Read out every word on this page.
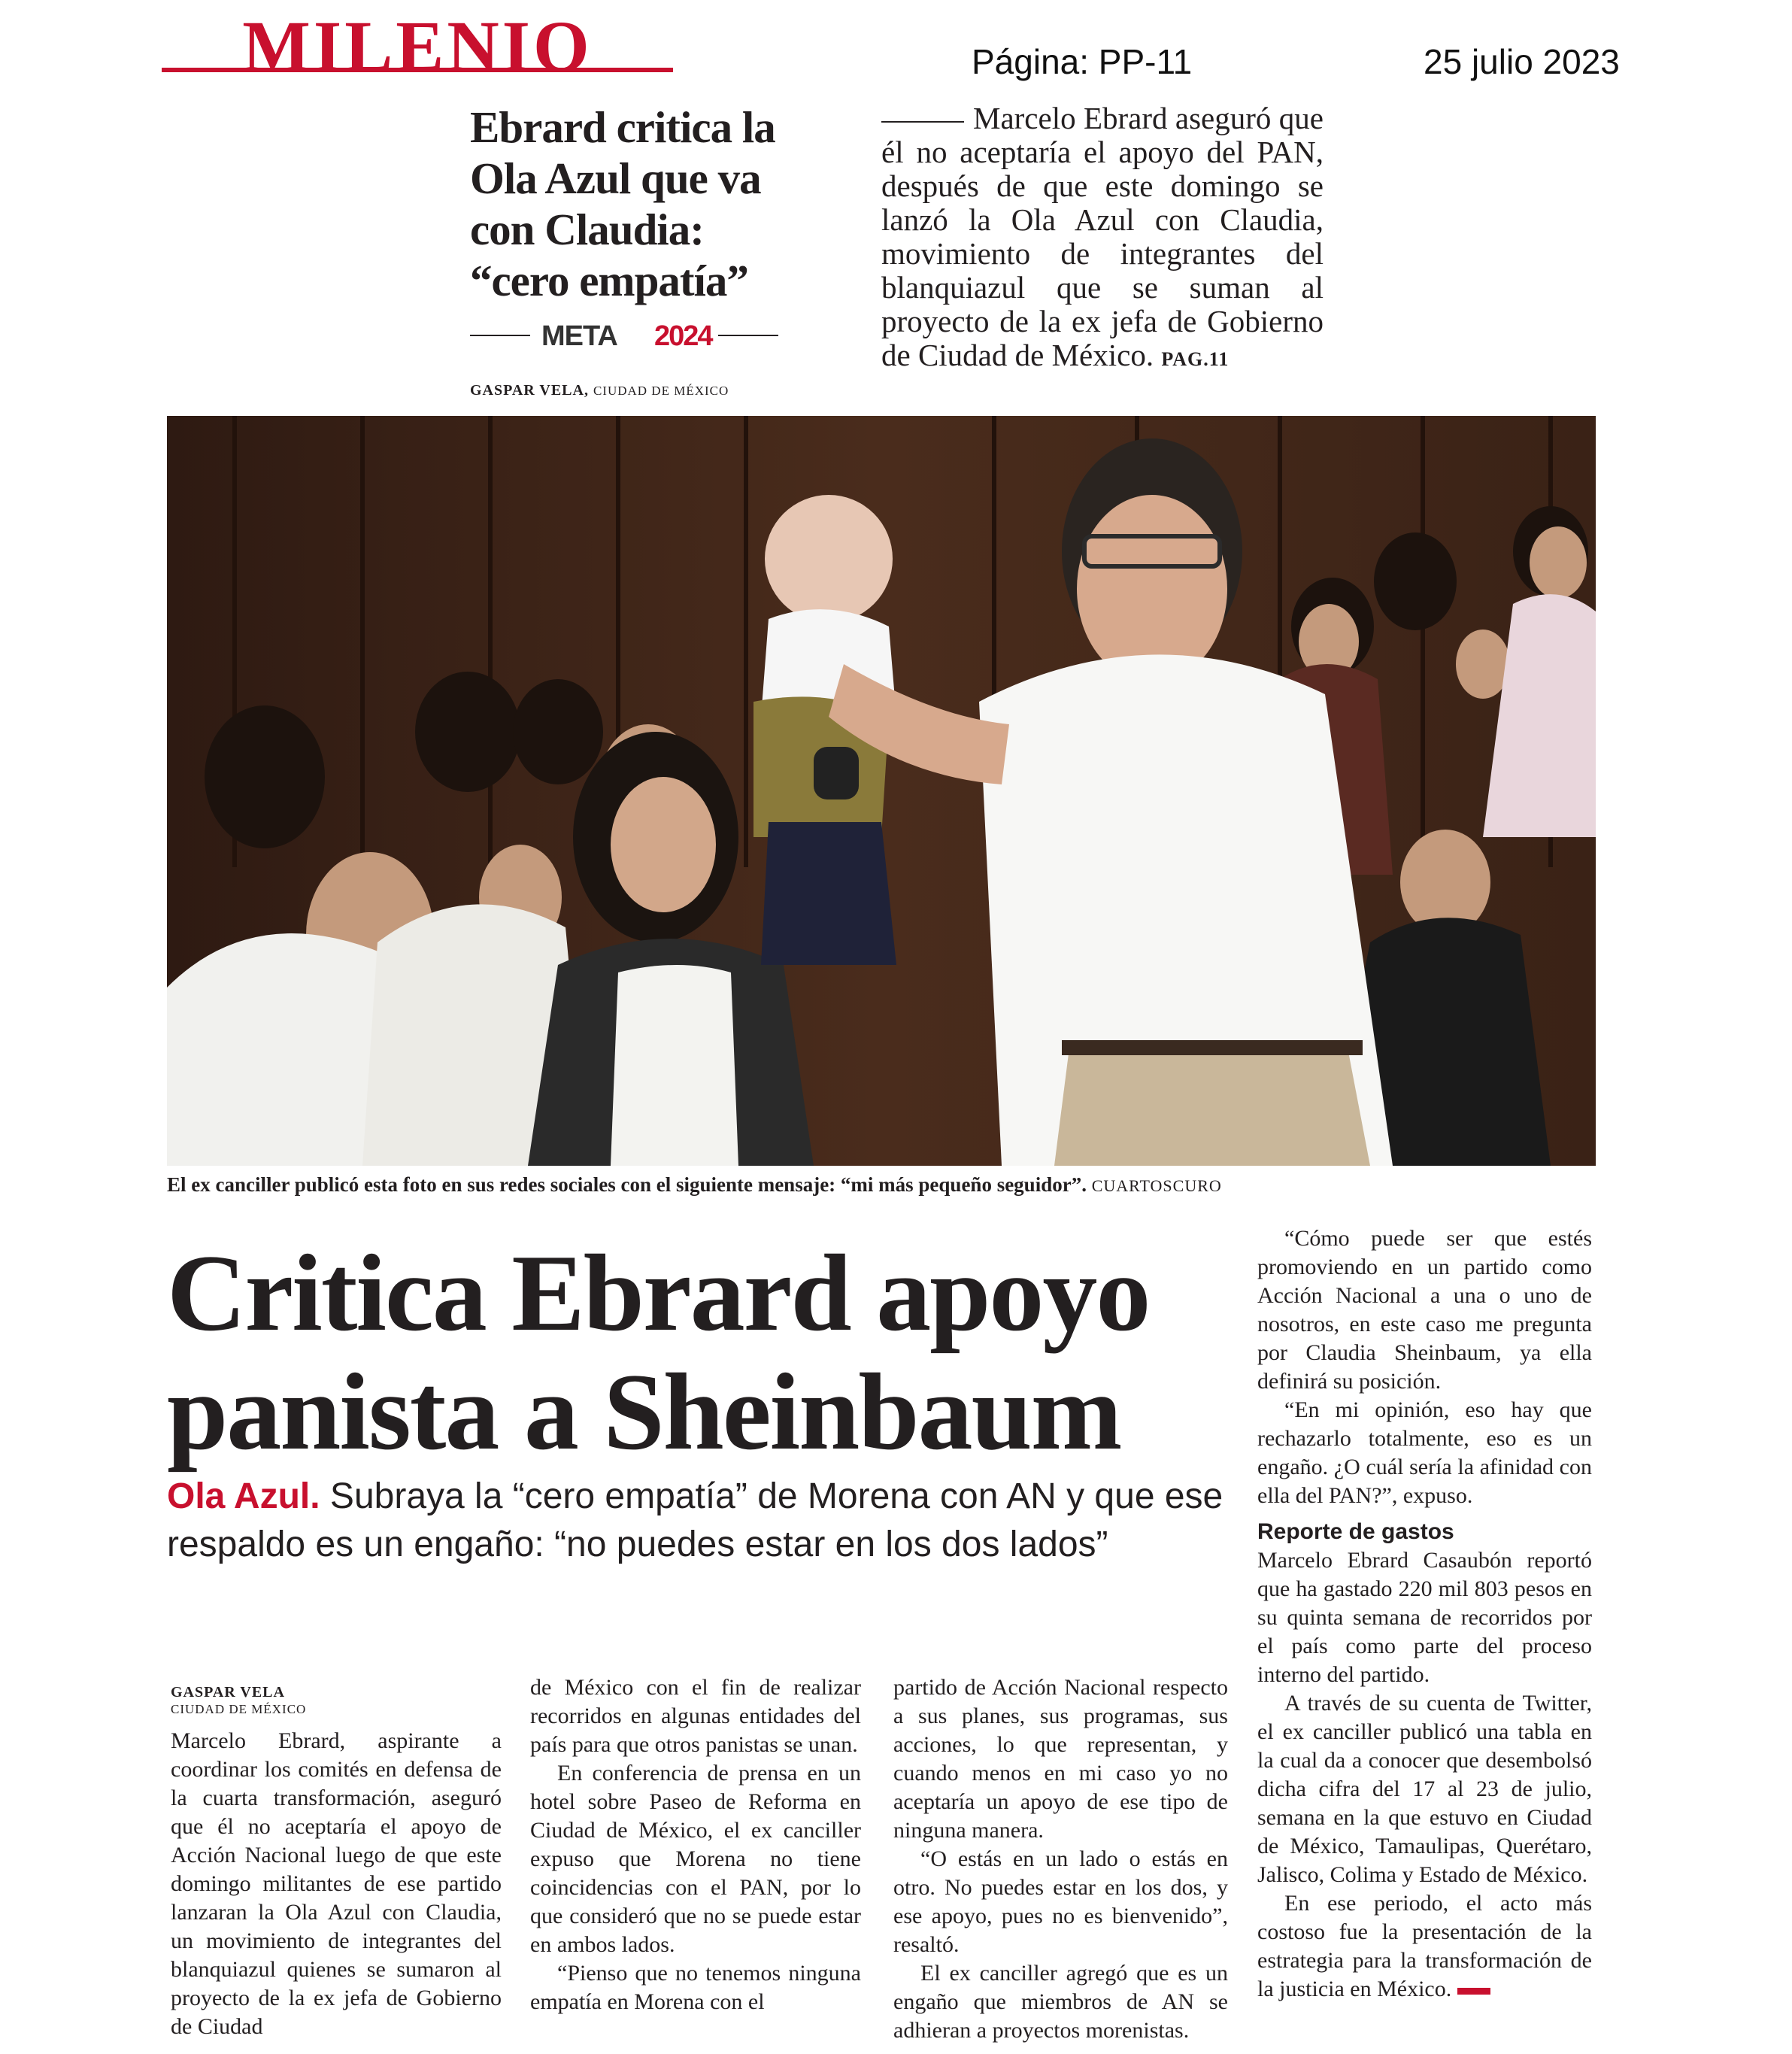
MILENIO	Página: PP-11	25 julio 2023
Ebrard critica la Ola Azul que va con Claudia: “cero empatía”
META 2024
GASPAR VELA, CIUDAD DE MÉXICO
Marcelo Ebrard aseguró que él no aceptaría el apoyo del PAN, después de que este domingo se lanzó la Ola Azul con Claudia, movimiento de integrantes del blanquiazul que se suman al proyecto de la ex jefa de Gobierno de Ciudad de México. PAG.11
El ex canciller publicó esta foto en sus redes sociales con el siguiente mensaje: “mi más pequeño seguidor”. CUARTOSCURO
Critica Ebrard apoyo
panista a Sheinbaum
Ola Azul. Subraya la “cero empatía” de Morena con AN y que ese respaldo es un engaño: “no puedes estar en los dos lados”
GASPAR VELA
CIUDAD DE MÉXICO

Marcelo Ebrard, aspirante a coordinar los comités en defensa de la cuarta transformación, aseguró que él no aceptaría el apoyo de Acción Nacional luego de que este domingo militantes de ese partido lanzaran la Ola Azul con Claudia, un movimiento de integrantes del blanquiazul quienes se sumaron al proyecto de la ex jefa de Gobierno de Ciudad

de México con el fin de realizar recorridos en algunas entidades del país para que otros panistas se unan.

En conferencia de prensa en un hotel sobre Paseo de Reforma en Ciudad de México, el ex canciller expuso que Morena no tiene coincidencias con el PAN, por lo que consideró que no se puede estar en ambos lados.

“Pienso que no tenemos ninguna empatía en Morena con el

partido de Acción Nacional respecto a sus planes, sus programas, sus acciones, lo que representan, y cuando menos en mi caso yo no aceptaría un apoyo de ese tipo de ninguna manera.

“O estás en un lado o estás en otro. No puedes estar en los dos, y ese apoyo, pues no es bienvenido”, resaltó.

El ex canciller agregó que es un engaño que miembros de AN se adhieran a proyectos morenistas.

“Cómo puede ser que estés promoviendo en un partido como Acción Nacional a una o uno de nosotros, en este caso me pregunta por Claudia Sheinbaum, ya ella definirá su posición.

“En mi opinión, eso hay que rechazarlo totalmente, eso es un engaño. ¿O cuál sería la afinidad con ella del PAN?”, expuso.

Reporte de gastos

Marcelo Ebrard Casaubón reportó que ha gastado 220 mil 803 pesos en su quinta semana de recorridos por el país como parte del proceso interno del partido.

A través de su cuenta de Twitter, el ex canciller publicó una tabla en la cual da a conocer que desembolsó dicha cifra del 17 al 23 de julio, semana en la que estuvo en Ciudad de México, Tamaulipas, Querétaro, Jalisco, Colima y Estado de México.

En ese periodo, el acto más costoso fue la presentación de la estrategia para la transformación de la justicia en México.
